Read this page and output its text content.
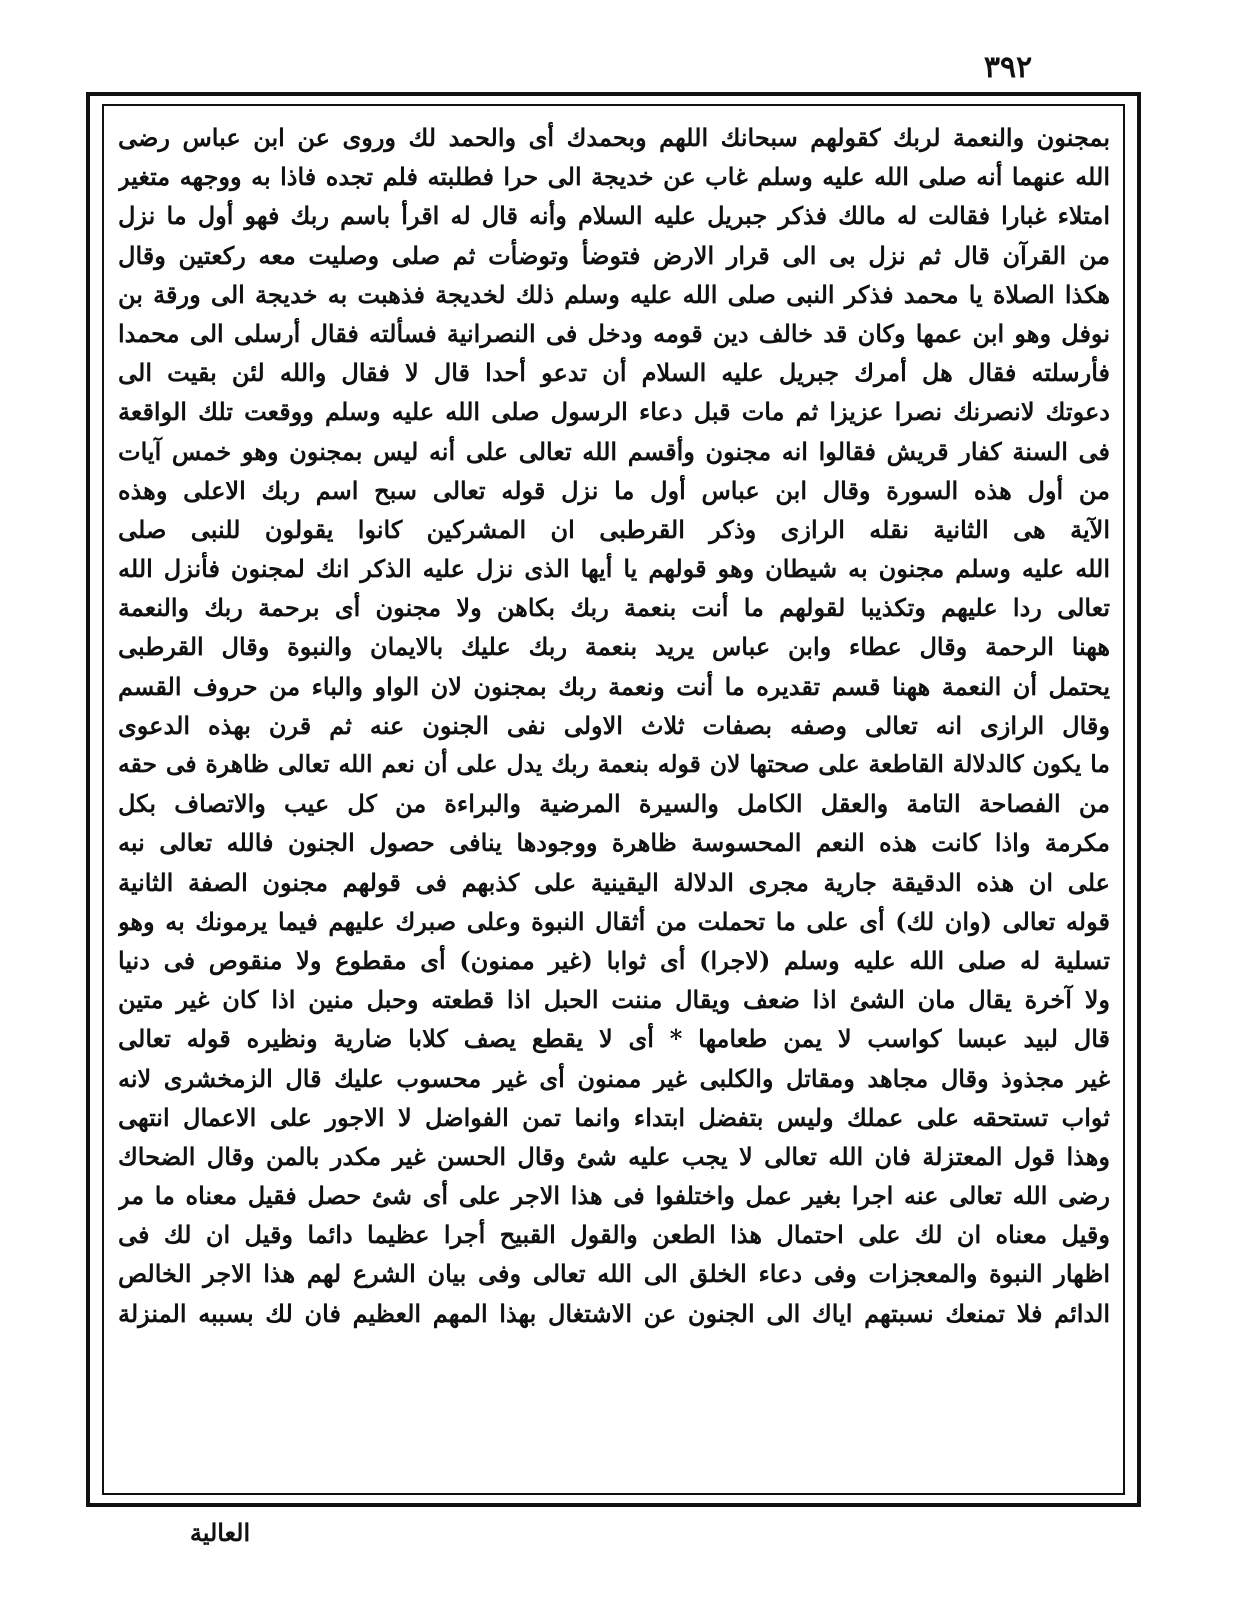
٣٩٢
بمجنون والنعمة لربك كقولهم سبحانك اللهم وبحمدك أى والحمد لك وروى عن ابن عباس رضى
الله عنهما أنه صلى الله عليه وسلم غاب عن خديجة الى حرا فطلبته فلم تجده فاذا به ووجهه متغير
امتلاء غبارا فقالت له مالك فذكر جبريل عليه السلام وأنه قال له اقرأ باسم ربك فهو أول ما نزل
من القرآن قال ثم نزل بى الى قرار الارض فتوضأ وتوضأت ثم صلى وصليت معه ركعتين وقال
هكذا الصلاة يا محمد فذكر النبى صلى الله عليه وسلم ذلك لخديجة فذهبت به خديجة الى ورقة بن
نوفل وهو ابن عمها وكان قد خالف دين قومه ودخل فى النصرانية فسألته فقال أرسلى الى محمدا
فأرسلته فقال هل أمرك جبريل عليه السلام أن تدعو أحدا قال لا فقال والله لئن بقيت الى
دعوتك لانصرنك نصرا عزيزا ثم مات قبل دعاء الرسول صلى الله عليه وسلم ووقعت تلك الواقعة
فى السنة كفار قريش فقالوا انه مجنون وأقسم الله تعالى على أنه ليس بمجنون وهو خمس آيات
من أول هذه السورة وقال ابن عباس أول ما نزل قوله تعالى سبح اسم ربك الاعلى وهذه
الآية هى الثانية نقله الرازى وذكر القرطبى ان المشركين كانوا يقولون للنبى صلى
الله عليه وسلم مجنون به شيطان وهو قولهم يا أيها الذى نزل عليه الذكر انك لمجنون فأنزل الله
تعالى ردا عليهم وتكذيبا لقولهم ما أنت بنعمة ربك بكاهن ولا مجنون أى برحمة ربك والنعمة
ههنا الرحمة وقال عطاء وابن عباس يريد بنعمة ربك عليك بالايمان والنبوة وقال القرطبى
يحتمل أن النعمة ههنا قسم تقديره ما أنت ونعمة ربك بمجنون لان الواو والباء من حروف القسم
وقال الرازى انه تعالى وصفه بصفات ثلاث الاولى نفى الجنون عنه ثم قرن بهذه الدعوى
ما يكون كالدلالة القاطعة على صحتها لان قوله بنعمة ربك يدل على أن نعم الله تعالى ظاهرة فى حقه
من الفصاحة التامة والعقل الكامل والسيرة المرضية والبراءة من كل عيب والاتصاف بكل
مكرمة واذا كانت هذه النعم المحسوسة ظاهرة ووجودها ينافى حصول الجنون فالله تعالى نبه
على ان هذه الدقيقة جارية مجرى الدلالة اليقينية على كذبهم فى قولهم مجنون الصفة الثانية
قوله تعالى (وان لك) أى على ما تحملت من أثقال النبوة وعلى صبرك عليهم فيما يرمونك به وهو
تسلية له صلى الله عليه وسلم (لاجرا) أى ثوابا (غير ممنون) أى مقطوع ولا منقوص فى دنيا
ولا آخرة يقال مان الشئ اذا ضعف ويقال مننت الحبل اذا قطعته وحبل منين اذا كان غير متين
قال لبيد عبسا كواسب لا يمن طعامها * أى لا يقطع يصف كلابا ضارية ونظيره قوله تعالى
غير مجذوذ وقال مجاهد ومقاتل والكلبى غير ممنون أى غير محسوب عليك قال الزمخشرى لانه
ثواب تستحقه على عملك وليس بتفضل ابتداء وانما تمن الفواضل لا الاجور على الاعمال انتهى
وهذا قول المعتزلة فان الله تعالى لا يجب عليه شئ وقال الحسن غير مكدر بالمن وقال الضحاك
رضى الله تعالى عنه اجرا بغير عمل واختلفوا فى هذا الاجر على أى شئ حصل فقيل معناه ما مر
وقيل معناه ان لك على احتمال هذا الطعن والقول القبيح أجرا عظيما دائما وقيل ان لك فى
اظهار النبوة والمعجزات وفى دعاء الخلق الى الله تعالى وفى بيان الشرع لهم هذا الاجر الخالص
الدائم فلا تمنعك نسبتهم اياك الى الجنون عن الاشتغال بهذا المهم العظيم فان لك بسببه المنزلة
العالية
